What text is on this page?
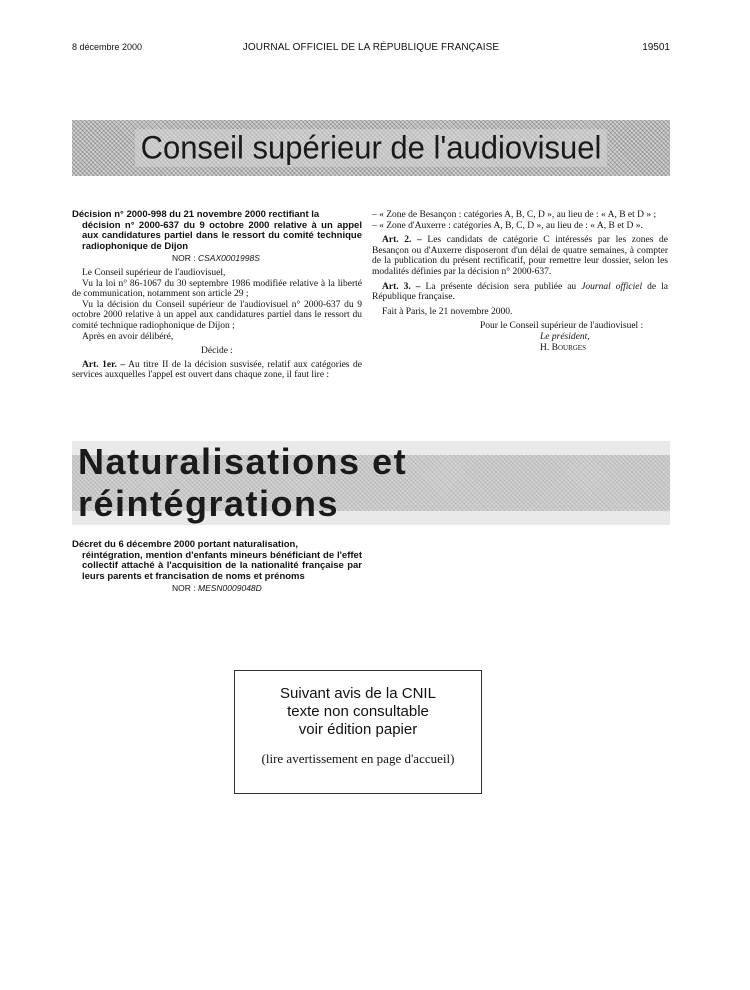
8 décembre 2000	JOURNAL OFFICIEL DE LA RÉPUBLIQUE FRANÇAISE	19501
Conseil supérieur de l'audiovisuel
Décision n° 2000-998 du 21 novembre 2000 rectifiant la
décision n° 2000-637 du 9 octobre 2000 relative à un appel aux candidatures partiel dans le ressort du comité technique radiophonique de Dijon
NOR : CSAX0001998S

Le Conseil supérieur de l'audiovisuel,

Vu la loi n° 86-1067 du 30 septembre 1986 modifiée relative à la liberté de communication, notamment son article 29 ;

Vu la décision du Conseil supérieur de l'audiovisuel n° 2000-637 du 9 octobre 2000 relative à un appel aux candidatures partiel dans le ressort du comité technique radiophonique de Dijon ;

Après en avoir délibéré,

Décide :

Art. 1er. – Au titre II de la décision susvisée, relatif aux catégories de services auxquelles l'appel est ouvert dans chaque zone, il faut lire :

– « Zone de Besançon : catégories A, B, C, D », au lieu de : « A, B et D » ;

– « Zone d'Auxerre : catégories A, B, C, D », au lieu de : « A, B et D ».

Art. 2. – Les candidats de catégorie C intéressés par les zones de Besançon ou d'Auxerre disposeront d'un délai de quatre semaines, à compter de la publication du présent rectificatif, pour remettre leur dossier, selon les modalités définies par la décision n° 2000-637.

Art. 3. – La présente décision sera publiée au Journal officiel de la République française.

Fait à Paris, le 21 novembre 2000.

Pour le Conseil supérieur de l'audiovisuel :
Le président,
H. Bourges
Naturalisations et réintégrations
Décret du 6 décembre 2000 portant naturalisation,
réintégration, mention d'enfants mineurs bénéficiant de l'effet collectif attaché à l'acquisition de la nationalité française par leurs parents et francisation de noms et prénoms
NOR : MESN0009048D
Suivant avis de la CNIL
texte non consultable
voir édition papier
(lire avertissement en page d'accueil)
